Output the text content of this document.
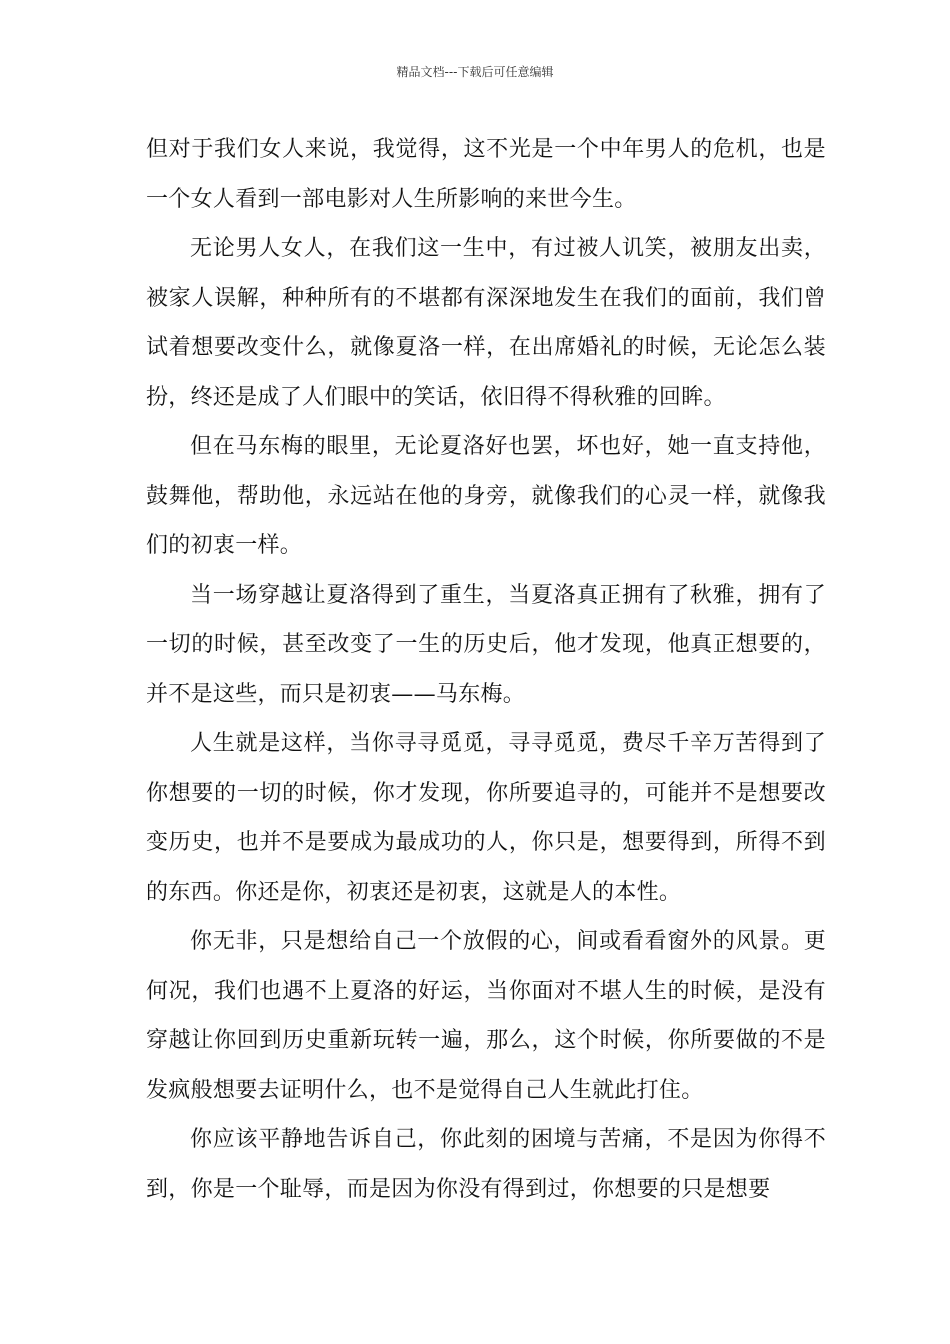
精品文档---下载后可任意编辑

但对于我们女人来说，我觉得，这不光是一个中年男人的危机，也是一个女人看到一部电影对人生所影响的来世今生。

无论男人女人，在我们这一生中，有过被人讥笑，被朋友出卖，被家人误解，种种所有的不堪都有深深地发生在我们的面前，我们曾试着想要改变什么，就像夏洛一样，在出席婚礼的时候，无论怎么装扮，终还是成了人们眼中的笑话，依旧得不得秋雅的回眸。

但在马东梅的眼里，无论夏洛好也罢，坏也好，她一直支持他，鼓舞他，帮助他，永远站在他的身旁，就像我们的心灵一样，就像我们的初衷一样。

当一场穿越让夏洛得到了重生，当夏洛真正拥有了秋雅，拥有了一切的时候，甚至改变了一生的历史后，他才发现，他真正想要的，并不是这些，而只是初衷——马东梅。

人生就是这样，当你寻寻觅觅，寻寻觅觅，费尽千辛万苦得到了你想要的一切的时候，你才发现，你所要追寻的，可能并不是想要改变历史，也并不是要成为最成功的人，你只是，想要得到，所得不到的东西。你还是你，初衷还是初衷，这就是人的本性。

你无非，只是想给自己一个放假的心，间或看看窗外的风景。更何况，我们也遇不上夏洛的好运，当你面对不堪人生的时候，是没有穿越让你回到历史重新玩转一遍，那么，这个时候，你所要做的不是发疯般想要去证明什么，也不是觉得自己人生就此打住。

你应该平静地告诉自己，你此刻的困境与苦痛，不是因为你得不到，你是一个耻辱，而是因为你没有得到过，你想要的只是想要
